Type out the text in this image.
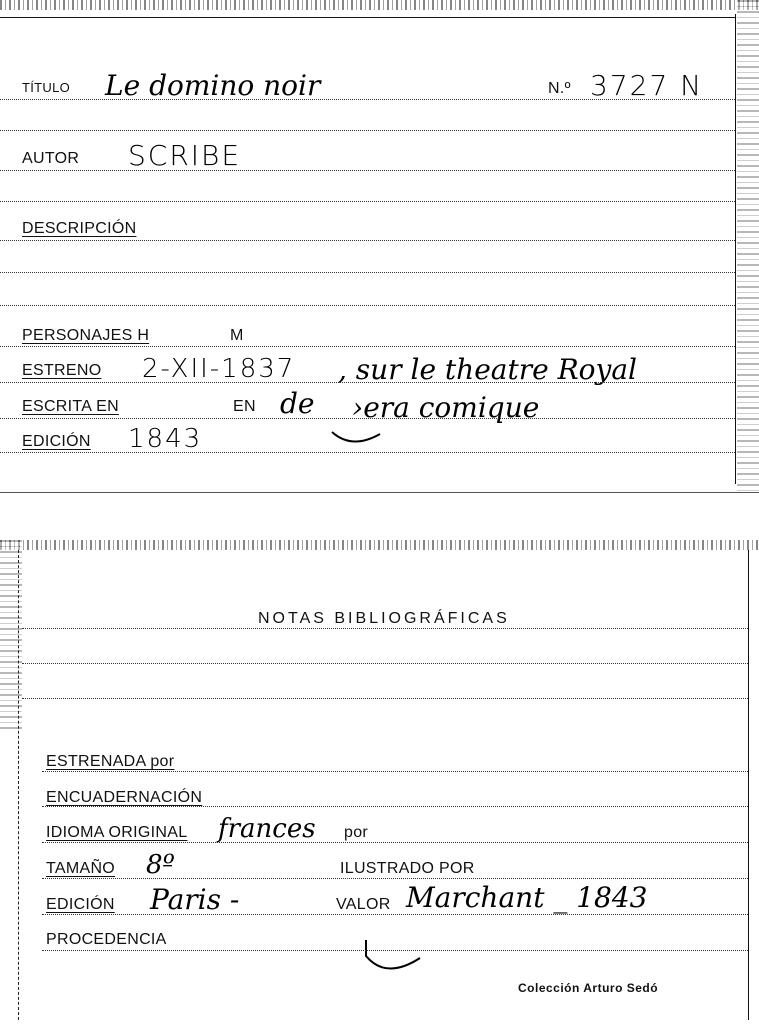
TÍTULO Le domino noir	N.º 3727 N
AUTOR SCRIBE
DESCRIPCIÓN
PERSONAJES H	M
ESTRENO 2-XII-1837 , sur le theatre Royal
ESCRITA EN	EN de ›era comique
EDICIÓN 1843
NOTAS BIBLIOGRÁFICAS
ESTRENADA por
ENCUADERNACIÓN
IDIOMA ORIGINAL frances por
TAMAÑO 8º	ILUSTRADO POR
EDICIÓN Paris -	VALOR Marchant _ 1843
PROCEDENCIA
Colección Arturo Sedó
